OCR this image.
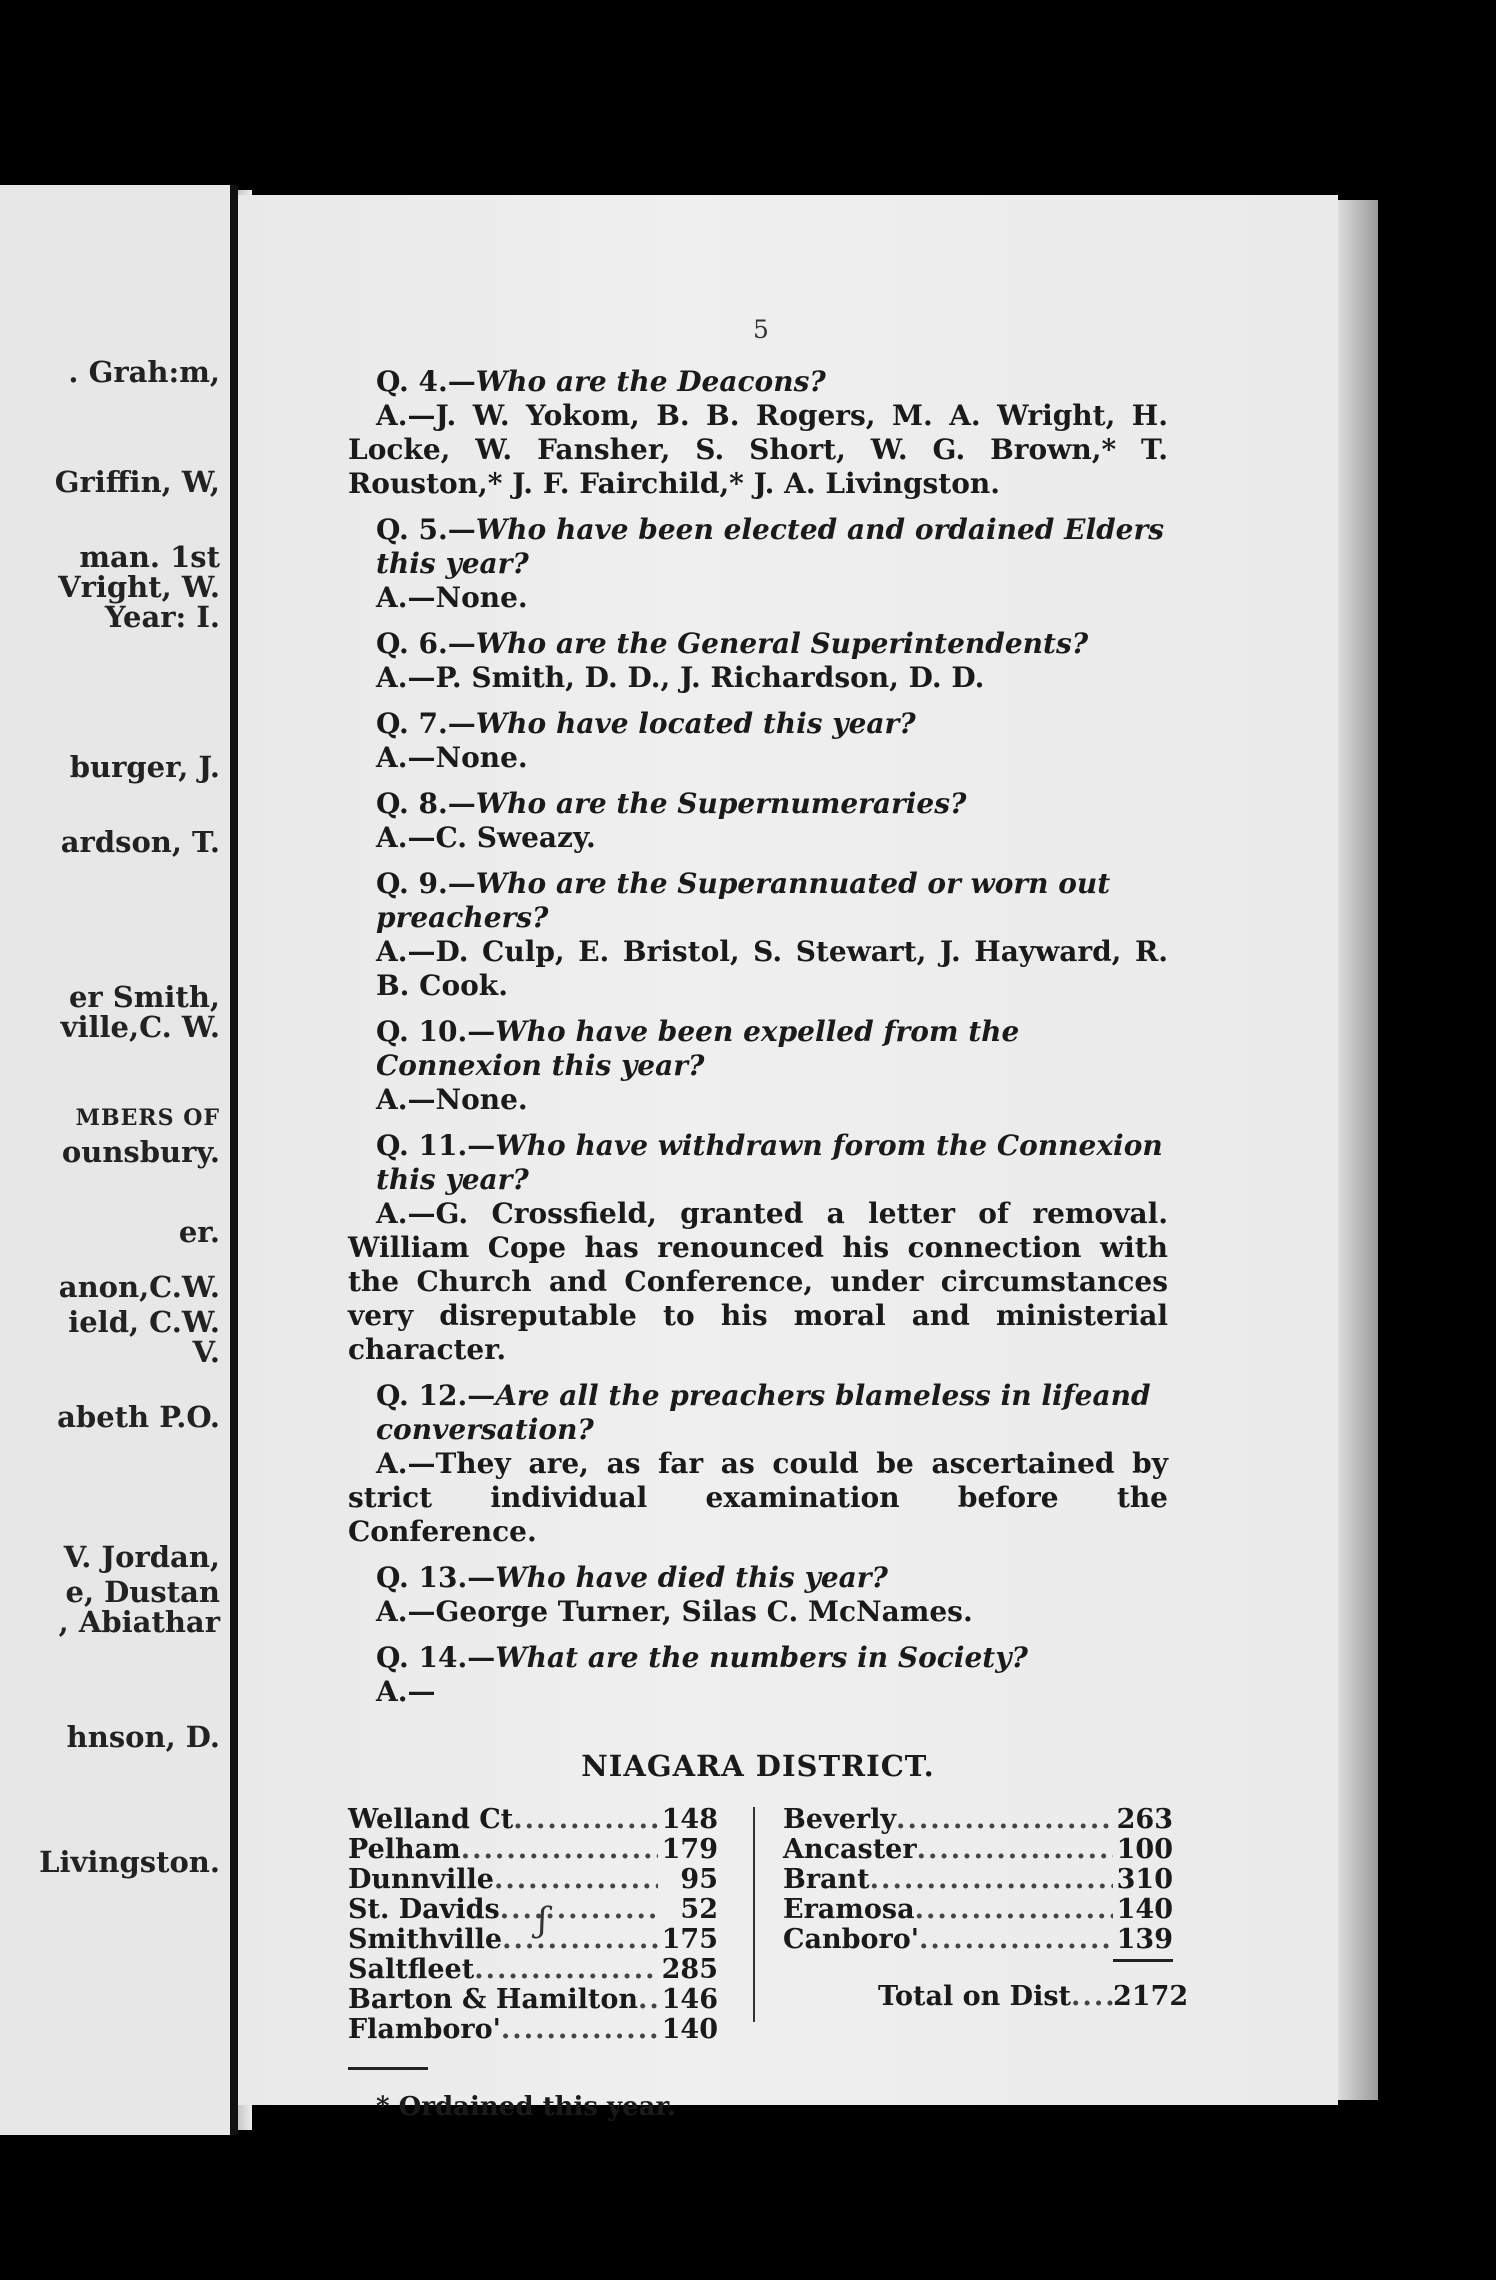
. Grah:m,
Griffin, W,
man. 1st
Vright, W.
Year: I.
burger, J.
ardson, T.
er Smith,
ville,C. W.
MBERS OF
ounsbury.
er.
anon,C.W.
ield, C.W.
V.
abeth P.O.
V. Jordan,
e, Dustan
, Abiathar
hnson, D.
Livingston.
5
Q. 4.—Who are the Deacons?
A.—J. W. Yokom, B. B. Rogers, M. A. Wright, H. Locke, W. Fansher, S. Short, W. G. Brown,* T. Rouston,* J. F. Fairchild,* J. A. Livingston.
Q. 5.—Who have been elected and ordained Elders this year?
A.—None.
Q. 6.—Who are the General Superintendents?
A.—P. Smith, D. D., J. Richardson, D. D.
Q. 7.—Who have located this year?
A.—None.
Q. 8.—Who are the Supernumeraries?
A.—C. Sweazy.
Q. 9.—Who are the Superannuated or worn out preachers?
A.—D. Culp, E. Bristol, S. Stewart, J. Hayward, R. B. Cook.
Q. 10.—Who have been expelled from the Connexion this year?
A.—None.
Q. 11.—Who have withdrawn forom the Connexion this year?
A.—G. Crossfield, granted a letter of removal. William Cope has renounced his connection with the Church and Conference, under circumstances very disreputable to his moral and ministerial character.
Q. 12.—Are all the preachers blameless in lifeand conversation?
A.—They are, as far as could be ascertained by strict individual examination before the Conference.
Q. 13.—Who have died this year?
A.—George Turner, Silas C. McNames.
Q. 14.—What are the numbers in Society?
A.—
NIAGARA DISTRICT.
Welland Ct .....	148
Pelham .....	179
Dunnville .....	95
St. Davids .....	52
Smithville .....	175
Saltfleet .....	285
Barton & Hamilton ..... 146
Flamboro' .....	140
Beverly .....	263
Ancaster .....	100
Brant .....	310
Eramosa .....	140
Canboro' .....	139
Total on Dist ..... 2172
* Ordained this year.
ʃ
